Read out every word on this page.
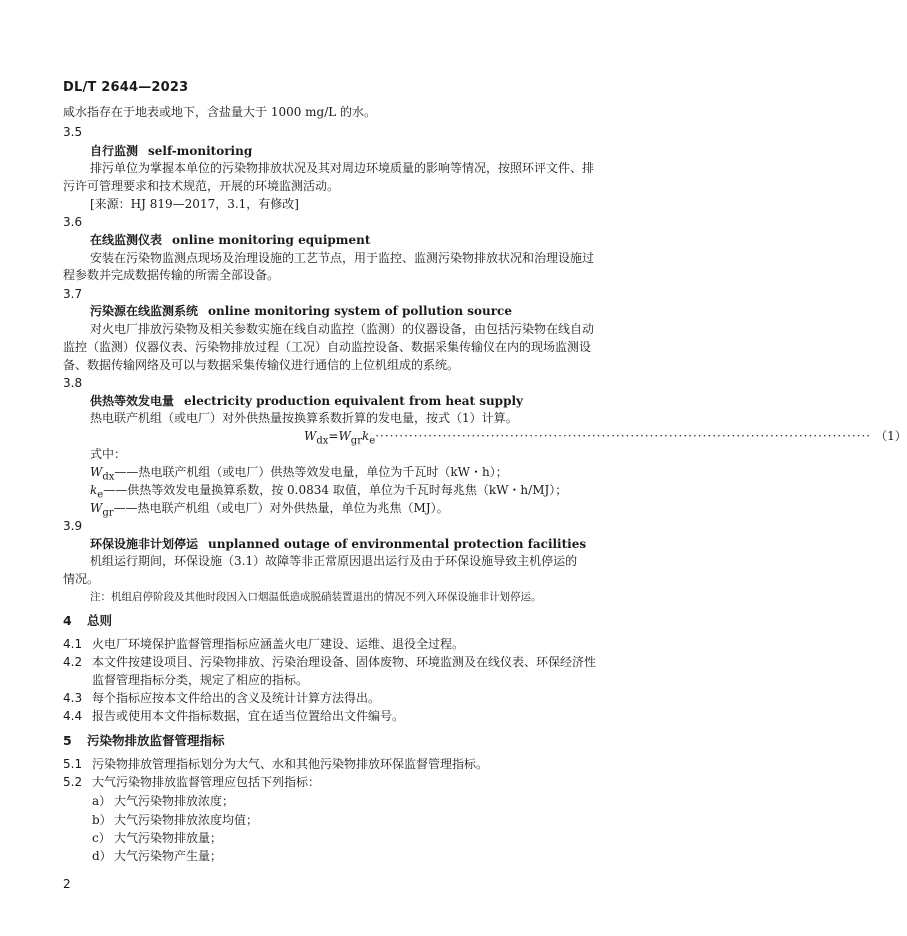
DL/T 2644—2023
咸水指存在于地表或地下，含盐量大于 1000 mg/L 的水。
3.5
自行监测 self-monitoring
排污单位为掌握本单位的污染物排放状况及其对周边环境质量的影响等情况，按照环评文件、排
污许可管理要求和技术规范，开展的环境监测活动。
[来源：HJ 819—2017，3.1，有修改]
3.6
在线监测仪表 online monitoring equipment
安装在污染物监测点现场及治理设施的工艺节点，用于监控、监测污染物排放状况和治理设施过
程参数并完成数据传输的所需全部设备。
3.7
污染源在线监测系统 online monitoring system of pollution source
对火电厂排放污染物及相关参数实施在线自动监控（监测）的仪器设备，由包括污染物在线自动
监控（监测）仪器仪表、污染物排放过程（工况）自动监控设备、数据采集传输仪在内的现场监测设
备、数据传输网络及可以与数据采集传输仪进行通信的上位机组成的系统。
3.8
供热等效发电量 electricity production equivalent from heat supply
热电联产机组（或电厂）对外供热量按换算系数折算的发电量，按式（1）计算。
$W_{dx}=W_{gr}k_e$ ······································································································· （1）
式中：
$W_{dx}——$热电联产机组（或电厂）供热等效发电量，单位为千瓦时（kW・h）；
$k_e——$供热等效发电量换算系数，按 0.0834 取值，单位为千瓦时每兆焦（kW・h/MJ）；
$W_{gr}——$热电联产机组（或电厂）对外供热量，单位为兆焦（MJ）。
3.9
环保设施非计划停运 unplanned outage of environmental protection facilities
机组运行期间，环保设施（3.1）故障等非正常原因退出运行及由于环保设施导致主机停运的
情况。
注：机组启停阶段及其他时段因入口烟温低造成脱硝装置退出的情况不列入环保设施非计划停运。
4 总则
4.1 火电厂环境保护监督管理指标应涵盖火电厂建设、运维、退役全过程。
4.2 本文件按建设项目、污染物排放、污染治理设备、固体废物、环境监测及在线仪表、环保经济性
监督管理指标分类，规定了相应的指标。
4.3 每个指标应按本文件给出的含义及统计计算方法得出。
4.4 报告或使用本文件指标数据，宜在适当位置给出文件编号。
5 污染物排放监督管理指标
5.1 污染物排放管理指标划分为大气、水和其他污染物排放环保监督管理指标。
5.2 大气污染物排放监督管理应包括下列指标：
a） 大气污染物排放浓度；
b） 大气污染物排放浓度均值；
c） 大气污染物排放量；
d） 大气污染物产生量；
2
